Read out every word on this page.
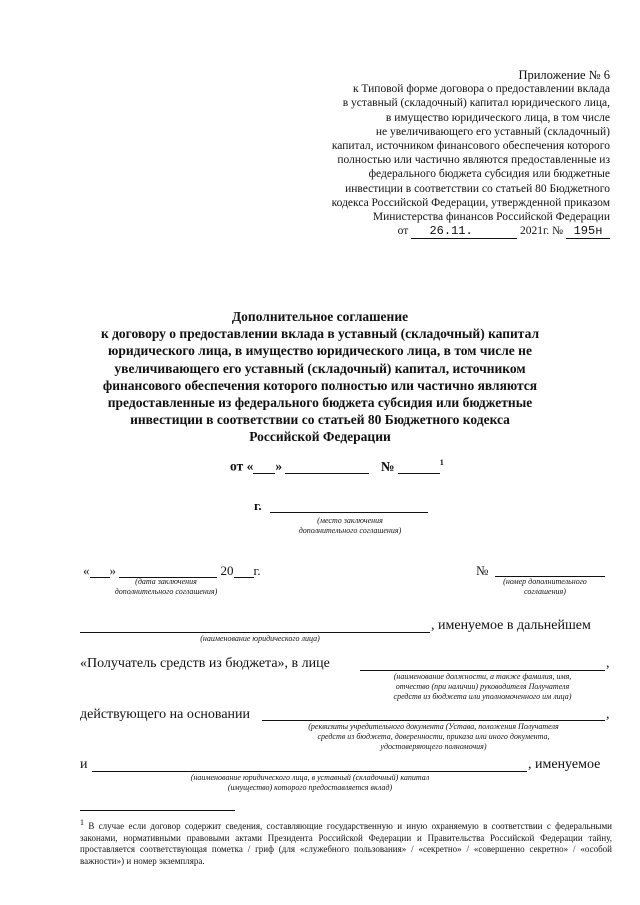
Приложение № 6
к Типовой форме договора о предоставлении вклада
в уставный (складочный) капитал юридического лица,
в имущество юридического лица, в том числе
не увеличивающего его уставный (складочный)
капитал, источником финансового обеспечения которого
полностью или частично являются предоставленные из
федерального бюджета субсидия или бюджетные
инвестиции в соответствии со статьей 80 Бюджетного
кодекса Российской Федерации, утвержденной приказом
Министерства финансов Российской Федерации
от 26.11.	2021г. № 195н
Дополнительное соглашение
к договору о предоставлении вклада в уставный (складочный) капитал
юридического лица, в имущество юридического лица, в том числе не
увеличивающего его уставный (складочный) капитал, источником
финансового обеспечения которого полностью или частично являются
предоставленные из федерального бюджета субсидия или бюджетные
инвестиции в соответствии со статьей 80 Бюджетного кодекса
Российской Федерации
от « »	№	$^1$
г.
(место заключения
дополнительного соглашения)
« »	20 г.
(дата заключения
дополнительного соглашения)
№
(номер дополнительного
соглашения)
, именуемое в дальнейшем
(наименование юридического лица)
«Получатель средств из бюджета», в лице	,
(наименование должности, а также фамилия, имя,
отчество (при наличии) руководителя Получателя
средств из бюджета или уполномоченного им лица)
действующего на основании	,
(реквизиты учредительного документа (Устава, положения Получателя
средств из бюджета, доверенности, приказа или иного документа,
удостоверяющего полномочия)
и	, именуемое
(наименование юридического лица, в уставный (складочный) капитал
(имущество) которого предоставляется вклад)
1 В случае если договор содержит сведения, составляющие государственную и иную охраняемую в соответствии с федеральными законами, нормативными правовыми актами Президента Российской Федерации и Правительства Российской Федерации тайну, проставляется соответствующая пометка / гриф (для «служебного пользования» / «секретно» / «совершенно секретно» / «особой важности») и номер экземпляра.
